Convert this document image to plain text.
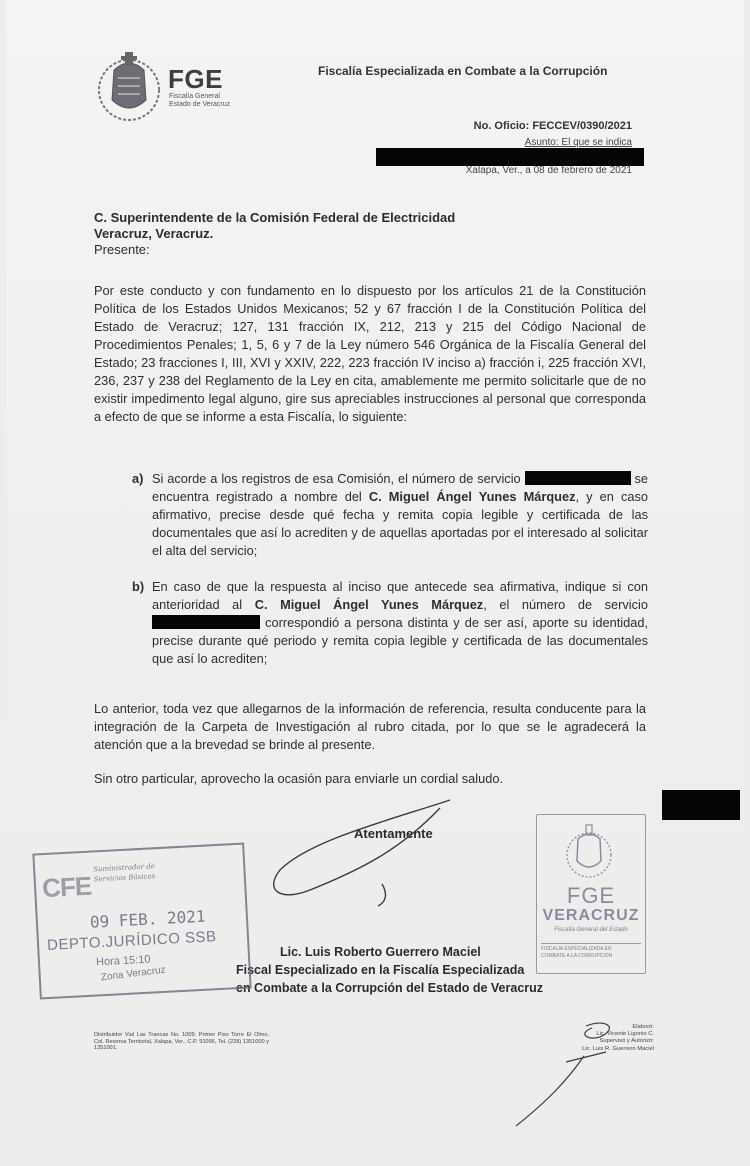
FGE
Fiscalía General
Estado de Veracruz
Fiscalía Especializada en Combate a la Corrupción
No. Oficio: FECCEV/0390/2021
Asunto: El que se indica
Xalapa, Ver., a 08 de febrero de 2021
C. Superintendente de la Comisión Federal de Electricidad
Veracruz, Veracruz.
Presente:
Por este conducto y con fundamento en lo dispuesto por los artículos 21 de la Constitución Política de los Estados Unidos Mexicanos; 52 y 67 fracción I de la Constitución Política del Estado de Veracruz; 127, 131 fracción IX, 212, 213 y 215 del Código Nacional de Procedimientos Penales; 1, 5, 6 y 7 de la Ley número 546 Orgánica de la Fiscalía General del Estado; 23 fracciones I, III, XVI y XXIV, 222, 223 fracción IV inciso a) fracción i, 225 fracción XVI, 236, 237 y 238 del Reglamento de la Ley en cita, amablemente me permito solicitarle que de no existir impedimento legal alguno, gire sus apreciables instrucciones al personal que corresponda a efecto de que se informe a esta Fiscalía, lo siguiente:
a) Si acorde a los registros de esa Comisión, el número de servicio	se encuentra registrado a nombre del C. Miguel Ángel Yunes Márquez, y en caso afirmativo, precise desde qué fecha y remita copia legible y certificada de las documentales que así lo acrediten y de aquellas aportadas por el interesado al solicitar el alta del servicio;
b) En caso de que la respuesta al inciso que antecede sea afirmativa, indique si con anterioridad al C. Miguel Ángel Yunes Márquez, el número de servicio  correspondió a persona distinta y de ser así, aporte su identidad, precise durante qué periodo y remita copia legible y certificada de las documentales que así lo acrediten;
Lo anterior, toda vez que allegarnos de la información de referencia, resulta conducente para la integración de la Carpeta de Investigación al rubro citada, por lo que se le agradecerá la atención que a la brevedad se brinde al presente.
Sin otro particular, aprovecho la ocasión para enviarle un cordial saludo.
Atentamente
Lic. Luis Roberto Guerrero Maciel
Fiscal Especializado en la Fiscalía Especializada
en Combate a la Corrupción del Estado de Veracruz
CFE
Suministrador de
Servicios Básicos
09 FEB. 2021
DEPTO.JURÍDICO SSB
Hora 15:10
Zona Veracruz
FGE
VERACRUZ
Fiscalía General del Estado
FISCALÍA ESPECIALIZADA EN
COMBATE A LA CORRUPCIÓN
Distribuidor Vial Las Trancas No. 1009. Primer Piso Torre El Olmo, Col. Reserva Territorial, Xalapa, Ver., C.P. 91096, Tel. (228) 1351000 y 1351001.
Elaboró:
Lic. Vicente Ligonio C.
Supervisó y Autorizó:
Lic. Luis R. Guerrero Maciel
